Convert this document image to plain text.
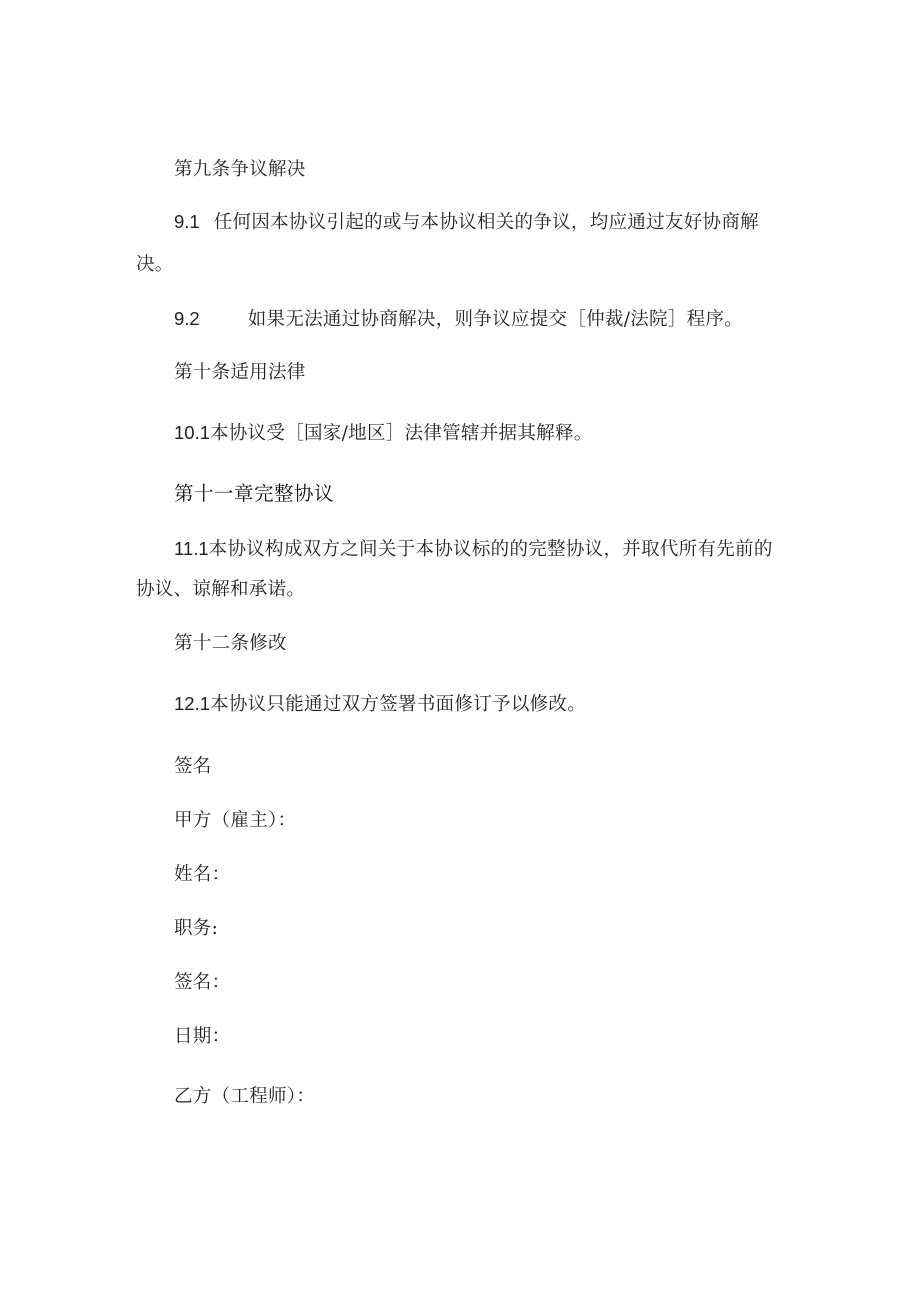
第九条争议解决
9.1 任何因本协议引起的或与本协议相关的争议，均应通过友好协商解
决。
9.2	如果无法通过协商解决，则争议应提交［仲裁/法院］程序。
第十条适用法律
10.1本协议受［国家/地区］法律管辖并据其解释。
第十一章完整协议
11.1本协议构成双方之间关于本协议标的的完整协议，并取代所有先前的
协议、谅解和承诺。
第十二条修改
12.1本协议只能通过双方签署书面修订予以修改。
签名
甲方（雇主）：
姓名：
职务:
签名：
日期：
乙方（工程师）：
